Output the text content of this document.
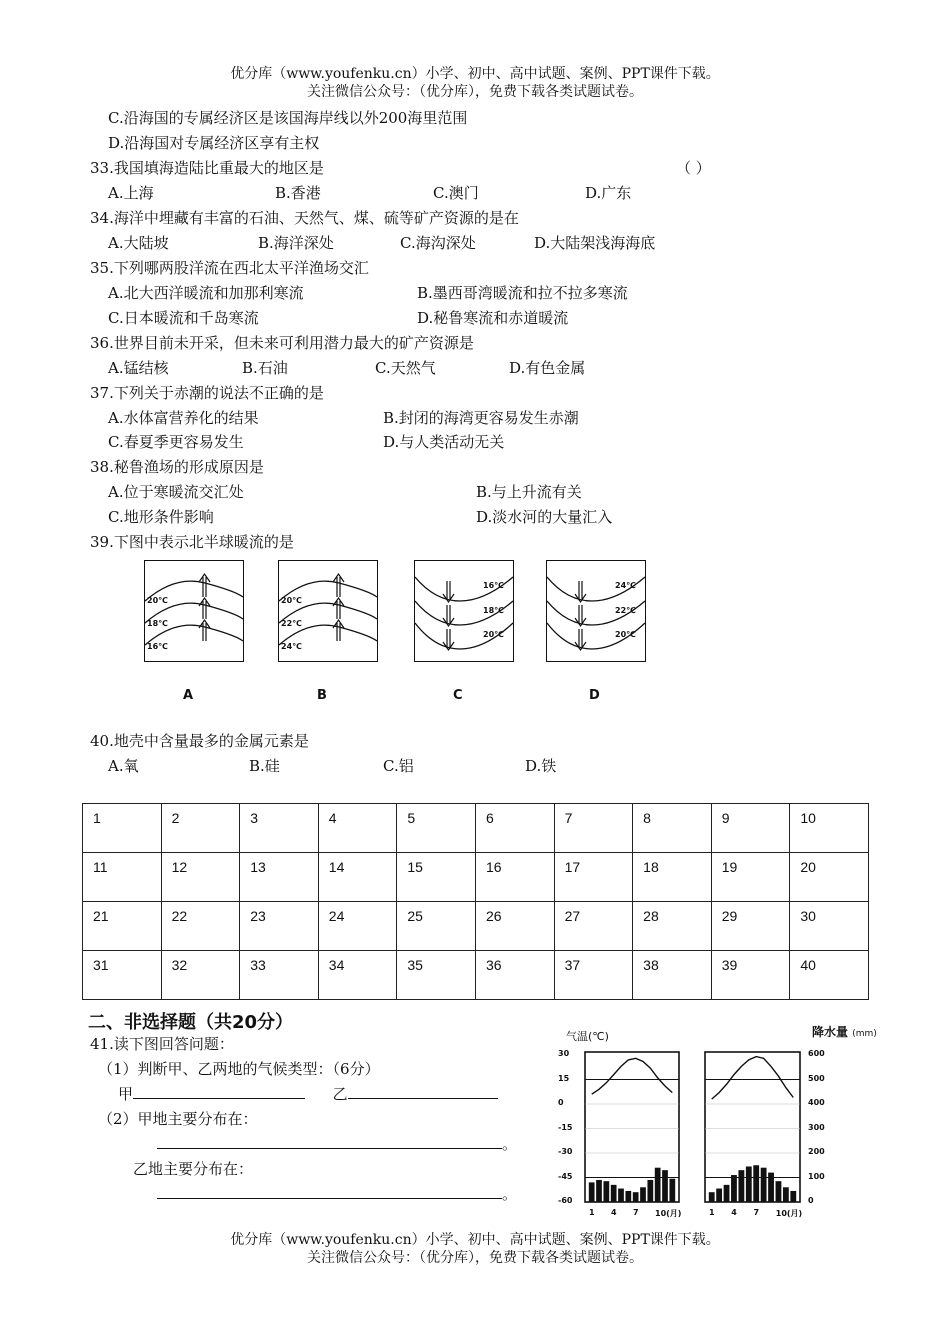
优分库（www.youfenku.cn）小学、初中、高中试题、案例、PPT课件下载。
关注微信公众号：（优分库），免费下载各类试题试卷。
C.沿海国的专属经济区是该国海岸线以外200海里范围
D.沿海国对专属经济区享有主权
33.我国填海造陆比重最大的地区是	（ ）
A.上海	B.香港	C.澳门	D.广东
34.海洋中埋藏有丰富的石油、天然气、煤、硫等矿产资源的是在
A.大陆坡	B.海洋深处	C.海沟深处	D.大陆架浅海海底
35.下列哪两股洋流在西北太平洋渔场交汇
A.北大西洋暖流和加那利寒流	B.墨西哥湾暖流和拉不拉多寒流
C.日本暖流和千岛寒流	D.秘鲁寒流和赤道暖流
36.世界目前未开采，但未来可利用潜力最大的矿产资源是
A.锰结核	B.石油	C.天然气	D.有色金属
37.下列关于赤潮的说法不正确的是
A.水体富营养化的结果	B.封闭的海湾更容易发生赤潮
C.春夏季更容易发生	D.与人类活动无关
38.秘鲁渔场的形成原因是
A.位于寒暖流交汇处	B.与上升流有关
C.地形条件影响	D.淡水河的大量汇入
39.下图中表示北半球暖流的是
20℃
18℃
16℃
A
20℃
22℃
24℃
B
16℃
18℃
20℃
C
24℃
22℃
20℃
D
40.地壳中含量最多的金属元素是
A.氧	B.硅	C.铝	D.铁
1	2	3	4	5	6	7	8	9	10
11	12	13	14	15	16	17	18	19	20
21	22	23	24	25	26	27	28	29	30
31	32	33	34	35	36	37	38	39	40
二、非选择题（共20分）
41.读下图回答问题：
（1）判断甲、乙两地的气候类型：（6分）
甲	乙
（2）甲地主要分布在：
。
乙地主要分布在：
。
气温(℃)	降水量 (mm)
30
15
0
-15
-30
-45
-60
600
500
400
300
200
100
0
1 4 7 10(月)	1 4 7 10(月)
优分库（www.youfenku.cn）小学、初中、高中试题、案例、PPT课件下载。
关注微信公众号：（优分库），免费下载各类试题试卷。
